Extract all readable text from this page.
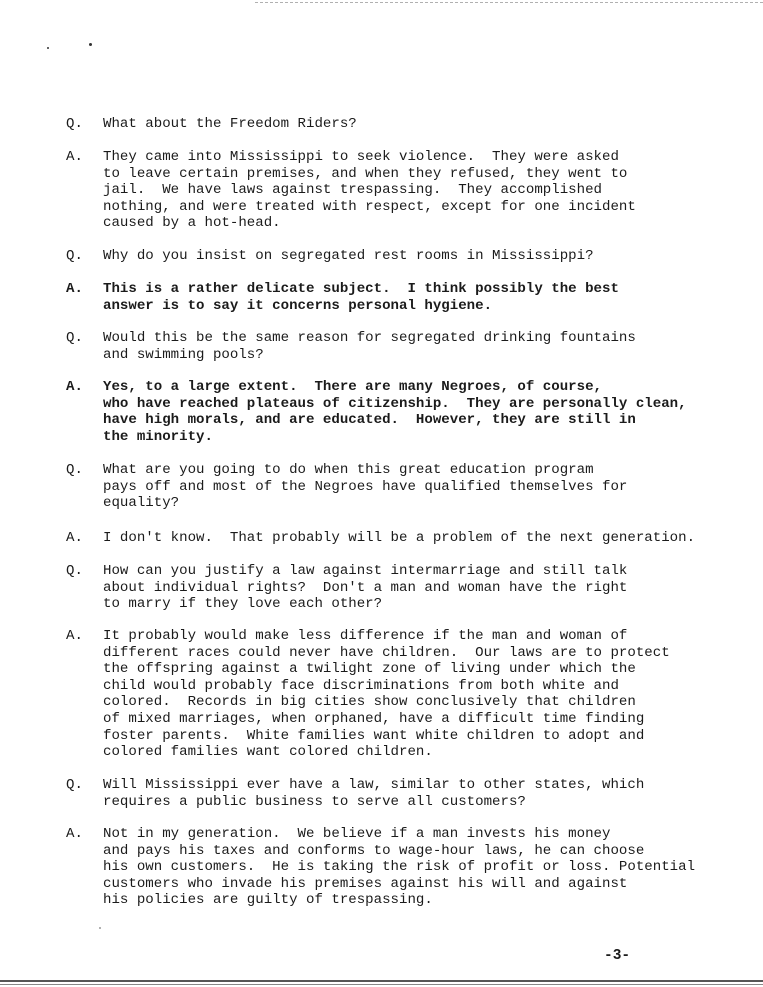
Q.	What about the Freedom Riders?
A.	They came into Mississippi to seek violence.  They were asked
to leave certain premises, and when they refused, they went to
jail.  We have laws against trespassing.  They accomplished
nothing, and were treated with respect, except for one incident
caused by a hot-head.
Q.	Why do you insist on segregated rest rooms in Mississippi?
A.	This is a rather delicate subject.  I think possibly the best
answer is to say it concerns personal hygiene.
Q.	Would this be the same reason for segregated drinking fountains
and swimming pools?
A.	Yes, to a large extent.  There are many Negroes, of course,
who have reached plateaus of citizenship.  They are personally clean,
have high morals, and are educated.  However, they are still in
the minority.
Q.	What are you going to do when this great education program
pays off and most of the Negroes have qualified themselves for
equality?
A.	I don't know.  That probably will be a problem of the next generation.
Q.	How can you justify a law against intermarriage and still talk
about individual rights?  Don't a man and woman have the right
to marry if they love each other?
A.	It probably would make less difference if the man and woman of
different races could never have children.  Our laws are to protect
the offspring against a twilight zone of living under which the
child would probably face discriminations from both white and
colored.  Records in big cities show conclusively that children
of mixed marriages, when orphaned, have a difficult time finding
foster parents.  White families want white children to adopt and
colored families want colored children.
Q.	Will Mississippi ever have a law, similar to other states, which
requires a public business to serve all customers?
A.	Not in my generation.  We believe if a man invests his money
and pays his taxes and conforms to wage-hour laws, he can choose
his own customers.  He is taking the risk of profit or loss. Potential
customers who invade his premises against his will and against
his policies are guilty of trespassing.
-3-
